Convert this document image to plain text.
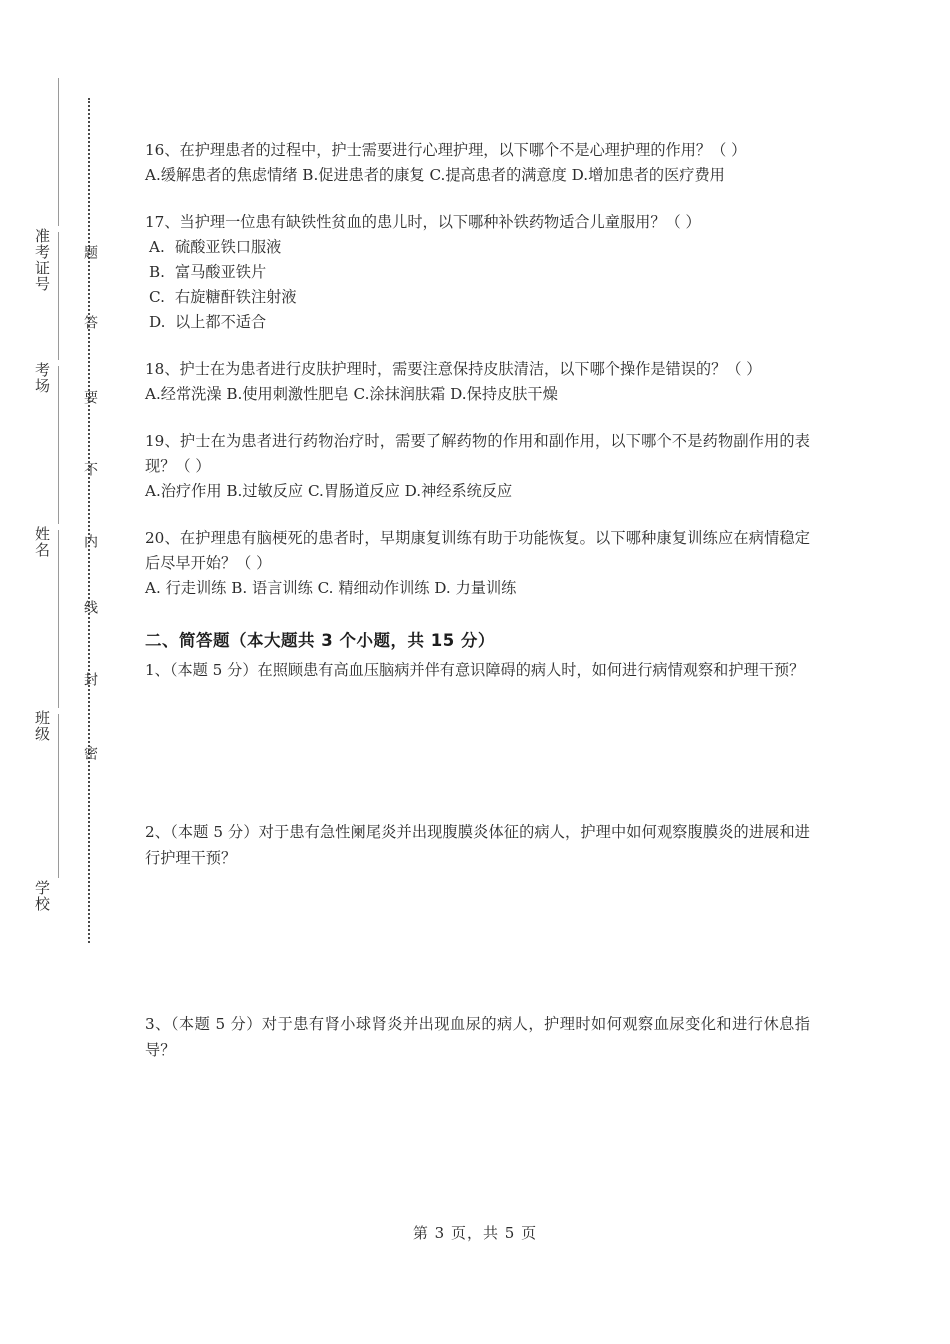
准考证号
考场
姓名
班级
学校
题
答
要
不
内
线
封
密
16、在护理患者的过程中，护士需要进行心理护理，以下哪个不是心理护理的作用？（ ）
A.缓解患者的焦虑情绪 B.促进患者的康复 C.提高患者的满意度 D.增加患者的医疗费用
17、当护理一位患有缺铁性贫血的患儿时，以下哪种补铁药物适合儿童服用？（ ）
A. 硫酸亚铁口服液
B. 富马酸亚铁片
C. 右旋糖酐铁注射液
D. 以上都不适合
18、护士在为患者进行皮肤护理时，需要注意保持皮肤清洁，以下哪个操作是错误的？（ ）
A.经常洗澡 B.使用刺激性肥皂 C.涂抹润肤霜 D.保持皮肤干燥
19、护士在为患者进行药物治疗时，需要了解药物的作用和副作用，以下哪个不是药物副作用的表现？（ ）
A.治疗作用 B.过敏反应 C.胃肠道反应 D.神经系统反应
20、在护理患有脑梗死的患者时，早期康复训练有助于功能恢复。以下哪种康复训练应在病情稳定后尽早开始？（ ）
A. 行走训练 B. 语言训练 C. 精细动作训练 D. 力量训练
二、简答题（本大题共 3 个小题，共 15 分）
1、（本题 5 分）在照顾患有高血压脑病并伴有意识障碍的病人时，如何进行病情观察和护理干预？
2、（本题 5 分）对于患有急性阑尾炎并出现腹膜炎体征的病人，护理中如何观察腹膜炎的进展和进行护理干预？
3、（本题 5 分）对于患有肾小球肾炎并出现血尿的病人，护理时如何观察血尿变化和进行休息指导？
第 3 页，共 5 页
